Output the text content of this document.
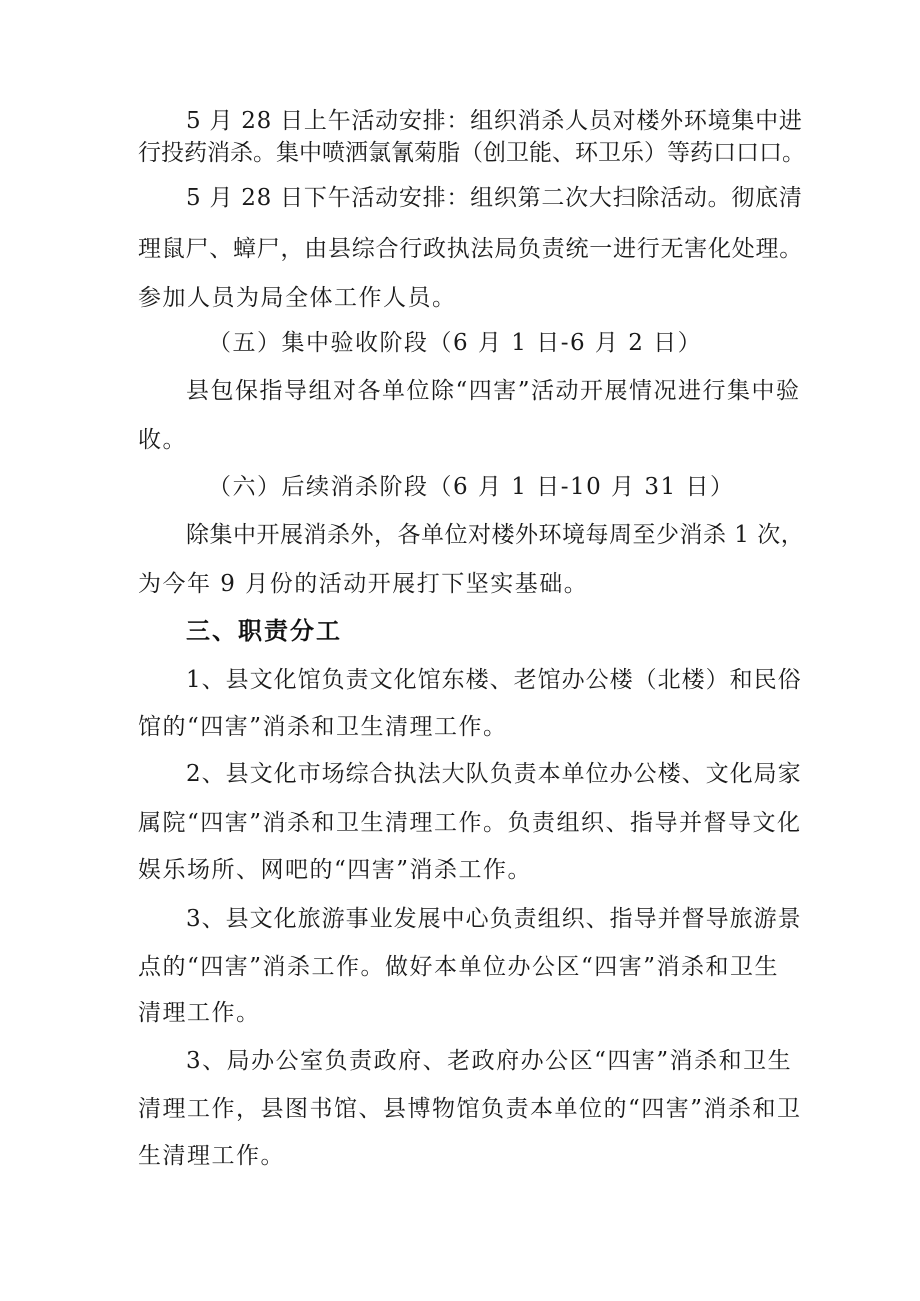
5 月 28 日上午活动安排：组织消杀人员对楼外环境集中进
行投药消杀。集中喷洒氯氰菊脂（创卫能、环卫乐）等药口口口。
5 月 28 日下午活动安排：组织第二次大扫除活动。彻底清
理鼠尸、蟑尸，由县综合行政执法局负责统一进行无害化处理。
参加人员为局全体工作人员。
（五）集中验收阶段（6 月 1 日-6 月 2 日）
县包保指导组对各单位除“四害”活动开展情况进行集中验
收。
（六）后续消杀阶段（6 月 1 日-10 月 31 日）
除集中开展消杀外，各单位对楼外环境每周至少消杀 1 次，
为今年 9 月份的活动开展打下坚实基础。
三、职责分工
1、县文化馆负责文化馆东楼、老馆办公楼（北楼）和民俗
馆的“四害”消杀和卫生清理工作。
2、县文化市场综合执法大队负责本单位办公楼、文化局家
属院“四害”消杀和卫生清理工作。负责组织、指导并督导文化
娱乐场所、网吧的“四害”消杀工作。
3、县文化旅游事业发展中心负责组织、指导并督导旅游景
点的“四害”消杀工作。做好本单位办公区“四害”消杀和卫生
清理工作。
3、局办公室负责政府、老政府办公区“四害”消杀和卫生
清理工作，县图书馆、县博物馆负责本单位的“四害”消杀和卫
生清理工作。
